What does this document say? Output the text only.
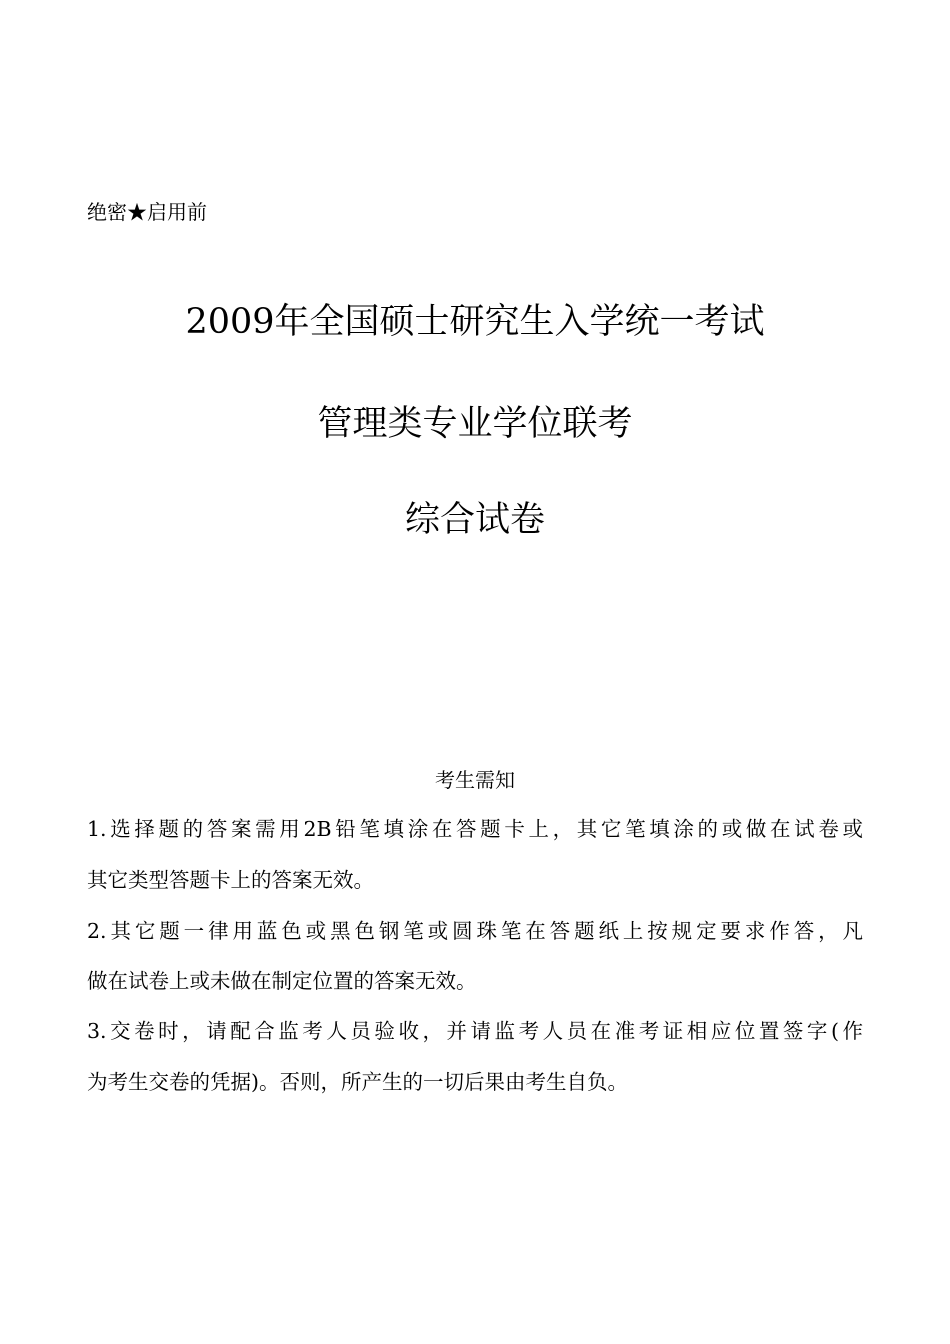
绝密★启用前
2009年全国硕士研究生入学统一考试
管理类专业学位联考
综合试卷
考生需知
1.选择题的答案需用2B铅笔填涂在答题卡上，其它笔填涂的或做在试卷或
其它类型答题卡上的答案无效。
2.其它题一律用蓝色或黑色钢笔或圆珠笔在答题纸上按规定要求作答，凡
做在试卷上或未做在制定位置的答案无效。
3.交卷时，请配合监考人员验收，并请监考人员在准考证相应位置签字(作
为考生交卷的凭据)。否则，所产生的一切后果由考生自负。
